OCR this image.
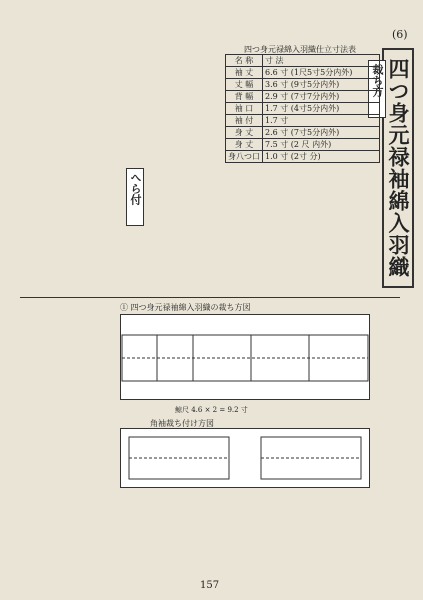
(6)
四つ身元禄袖綿入羽織
裁ち方
四つ身元禄綿入羽織仕立寸法表
名 称	寸 法
袖 丈	6.6 寸 (1尺5寸5分内外)
丈 幅	3.6 寸 (9寸5分内外)
背 幅	2.9 寸 (7寸7分内外)
袖 口	1.7 寸 (4寸5分内外)
袖 付	1.7 寸
身 丈	2.6 寸 (7寸5分内外)
身 丈	7.5 寸 (2 尺 内外)
身八つ口	1.0 寸 (2寸 分)
へら付
① 四つ身元禄袖綿入羽織の裁ち方図
鯨尺 4.6 × 2 = 9.2 寸
角袖裁ち付け方図
157
